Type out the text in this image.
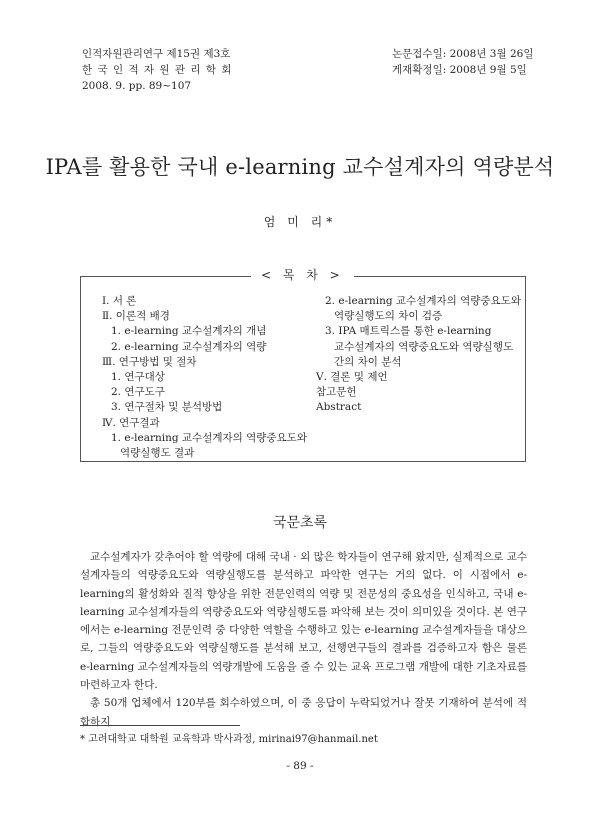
인적자원관리연구 제15권 제3호
한 국 인 적 자 원 관 리 학 회
2008. 9. pp. 89~107
논문접수일: 2008년 3월 26일
게재확정일: 2008년 9월 5일
IPA를 활용한 국내 e-learning 교수설계자의 역량분석
엄 미 리*
< 목 차 >
Ⅰ. 서 론
Ⅱ. 이론적 배경
1. e-learning 교수설계자의 개념
2. e-learning 교수설계자의 역량
Ⅲ. 연구방법 및 절차
1. 연구대상
2. 연구도구
3. 연구절차 및 분석방법
Ⅳ. 연구결과
1. e-learning 교수설계자의 역량중요도와
역량실행도 결과
2. e-learning 교수설계자의 역량중요도와
역량실행도의 차이 검증
3. IPA 매트릭스를 통한 e-learning
교수설계자의 역량중요도와 역량실행도
간의 차이 분석
Ⅴ. 결론 및 제언
참고문헌
Abstract
국문초록

교수설계자가 갖추어야 할 역량에 대해 국내 · 외 많은 학자들이 연구해 왔지만, 실제적으로 교수설계자들의 역량중요도와 역량실행도를 분석하고 파악한 연구는 거의 없다. 이 시점에서 e-learning의 활성화와 질적 향상을 위한 전문인력의 역량 및 전문성의 중요성을 인식하고, 국내 e-learning 교수설계자들의 역량중요도와 역량실행도를 파악해 보는 것이 의미있을 것이다. 본 연구에서는 e-learning 전문인력 중 다양한 역할을 수행하고 있는 e-learning 교수설계자들을 대상으로, 그들의 역량중요도와 역량실행도를 분석해 보고, 선행연구들의 결과를 검증하고자 함은 물론 e-learning 교수설계자들의 역량개발에 도움을 줄 수 있는 교육 프로그램 개발에 대한 기초자료를 마련하고자 한다.

총 50개 업체에서 120부를 회수하였으며, 이 중 응답이 누락되었거나 잘못 기재하여 분석에 적합하지

* 고려대학교 대학원 교육학과 박사과정, mirinai97@hanmail.net
- 89 -
